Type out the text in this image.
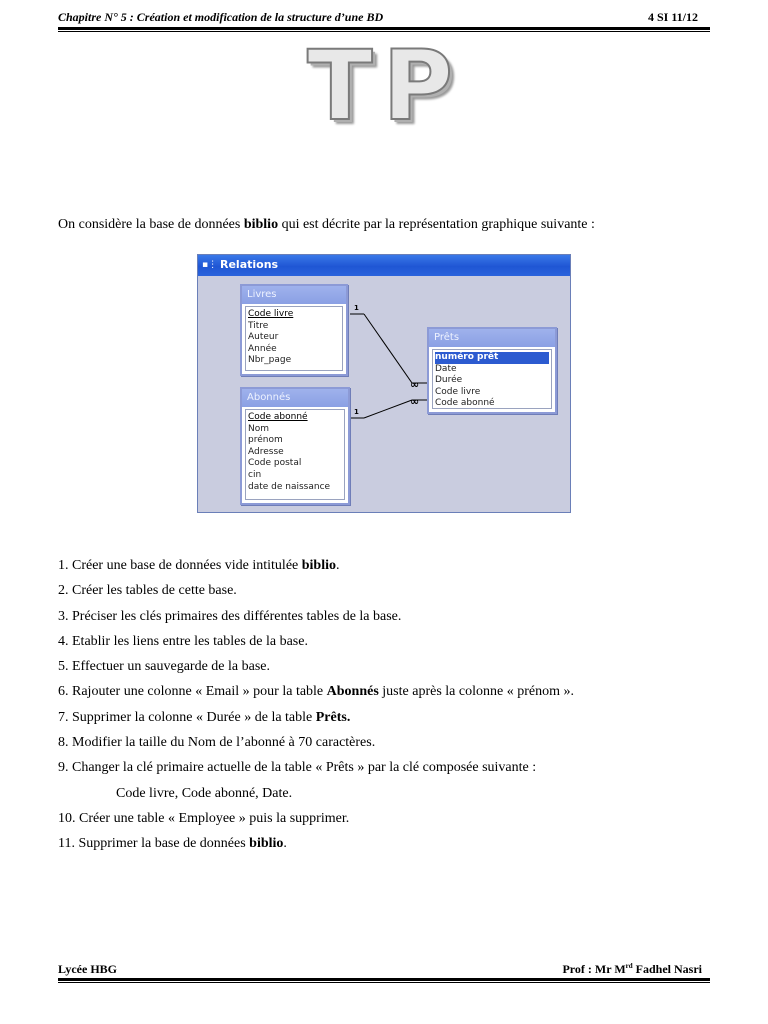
Chapitre N° 5 : Création et modification de la structure d’une BD	4 SI 11/12
TP
On considère la base de données biblio qui est décrite par la représentation graphique suivante :
▪⋮ Relations
1
1
∞
∞
Livres
Code livre
Titre
Auteur
Année
Nbr_page
Prêts
numéro prêt
Date
Durée
Code livre
Code abonné
Abonnés
Code abonné
Nom
prénom
Adresse
Code postal
cin
date de naissance
1. Créer une base de données vide intitulée biblio.
2. Créer les tables de cette base.
3. Préciser les clés primaires des différentes tables de la base.
4. Etablir les liens entre les tables de la base.
5. Effectuer un sauvegarde de la base.
6. Rajouter une colonne « Email » pour la table Abonnés juste après la colonne « prénom ».
7. Supprimer la colonne « Durée » de la table Prêts.
8. Modifier la taille du Nom de l’abonné à 70 caractères.
9. Changer la clé primaire actuelle de la table « Prêts » par la clé composée suivante :
Code livre, Code abonné, Date.
10. Créer une table « Employee » puis la supprimer.
11. Supprimer la base de données biblio.
Lycée HBG	Prof : Mr Mrd Fadhel Nasri
